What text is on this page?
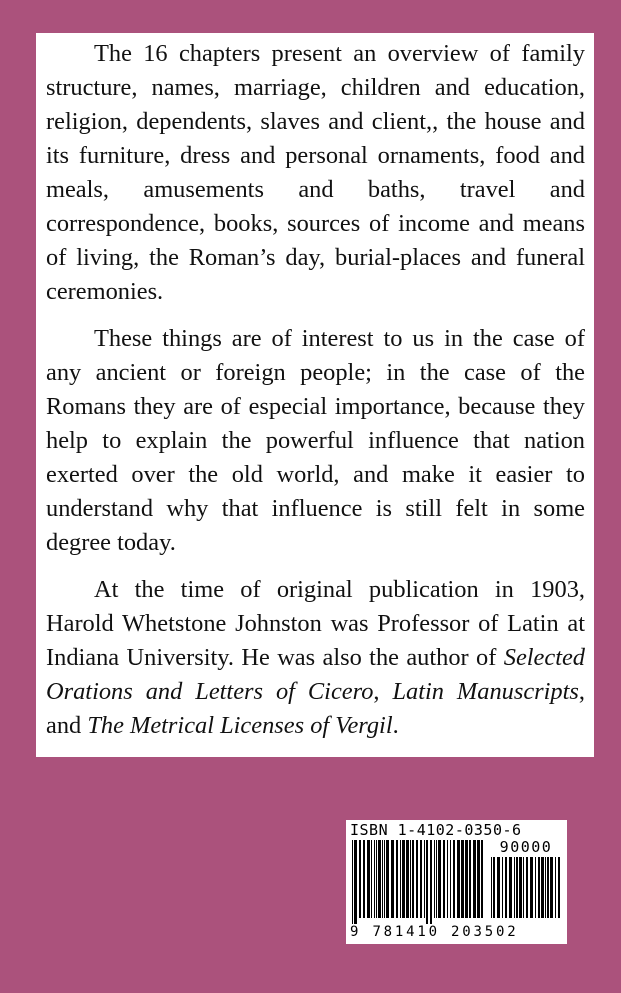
The 16 chapters present an overview of family structure, names, marriage, children and education, religion, dependents, slaves and client,, the house and its furniture, dress and personal ornaments, food and meals, amusements and baths, travel and correspondence, books, sources of income and means of living, the Roman’s day, burial-places and funeral ceremonies.

These things are of interest to us in the case of any ancient or foreign people; in the case of the Romans they are of especial importance, because they help to explain the powerful influence that nation exerted over the old world, and make it easier to understand why that influence is still felt in some degree today.

At the time of original publication in 1903, Harold Whetstone Johnston was Professor of Latin at Indiana University. He was also the author of Selected Orations and Letters of Cicero, Latin Manuscripts, and The Metrical Licenses of Vergil.

ISBN 1-4102-0350-6
90000
9 781410 203502
